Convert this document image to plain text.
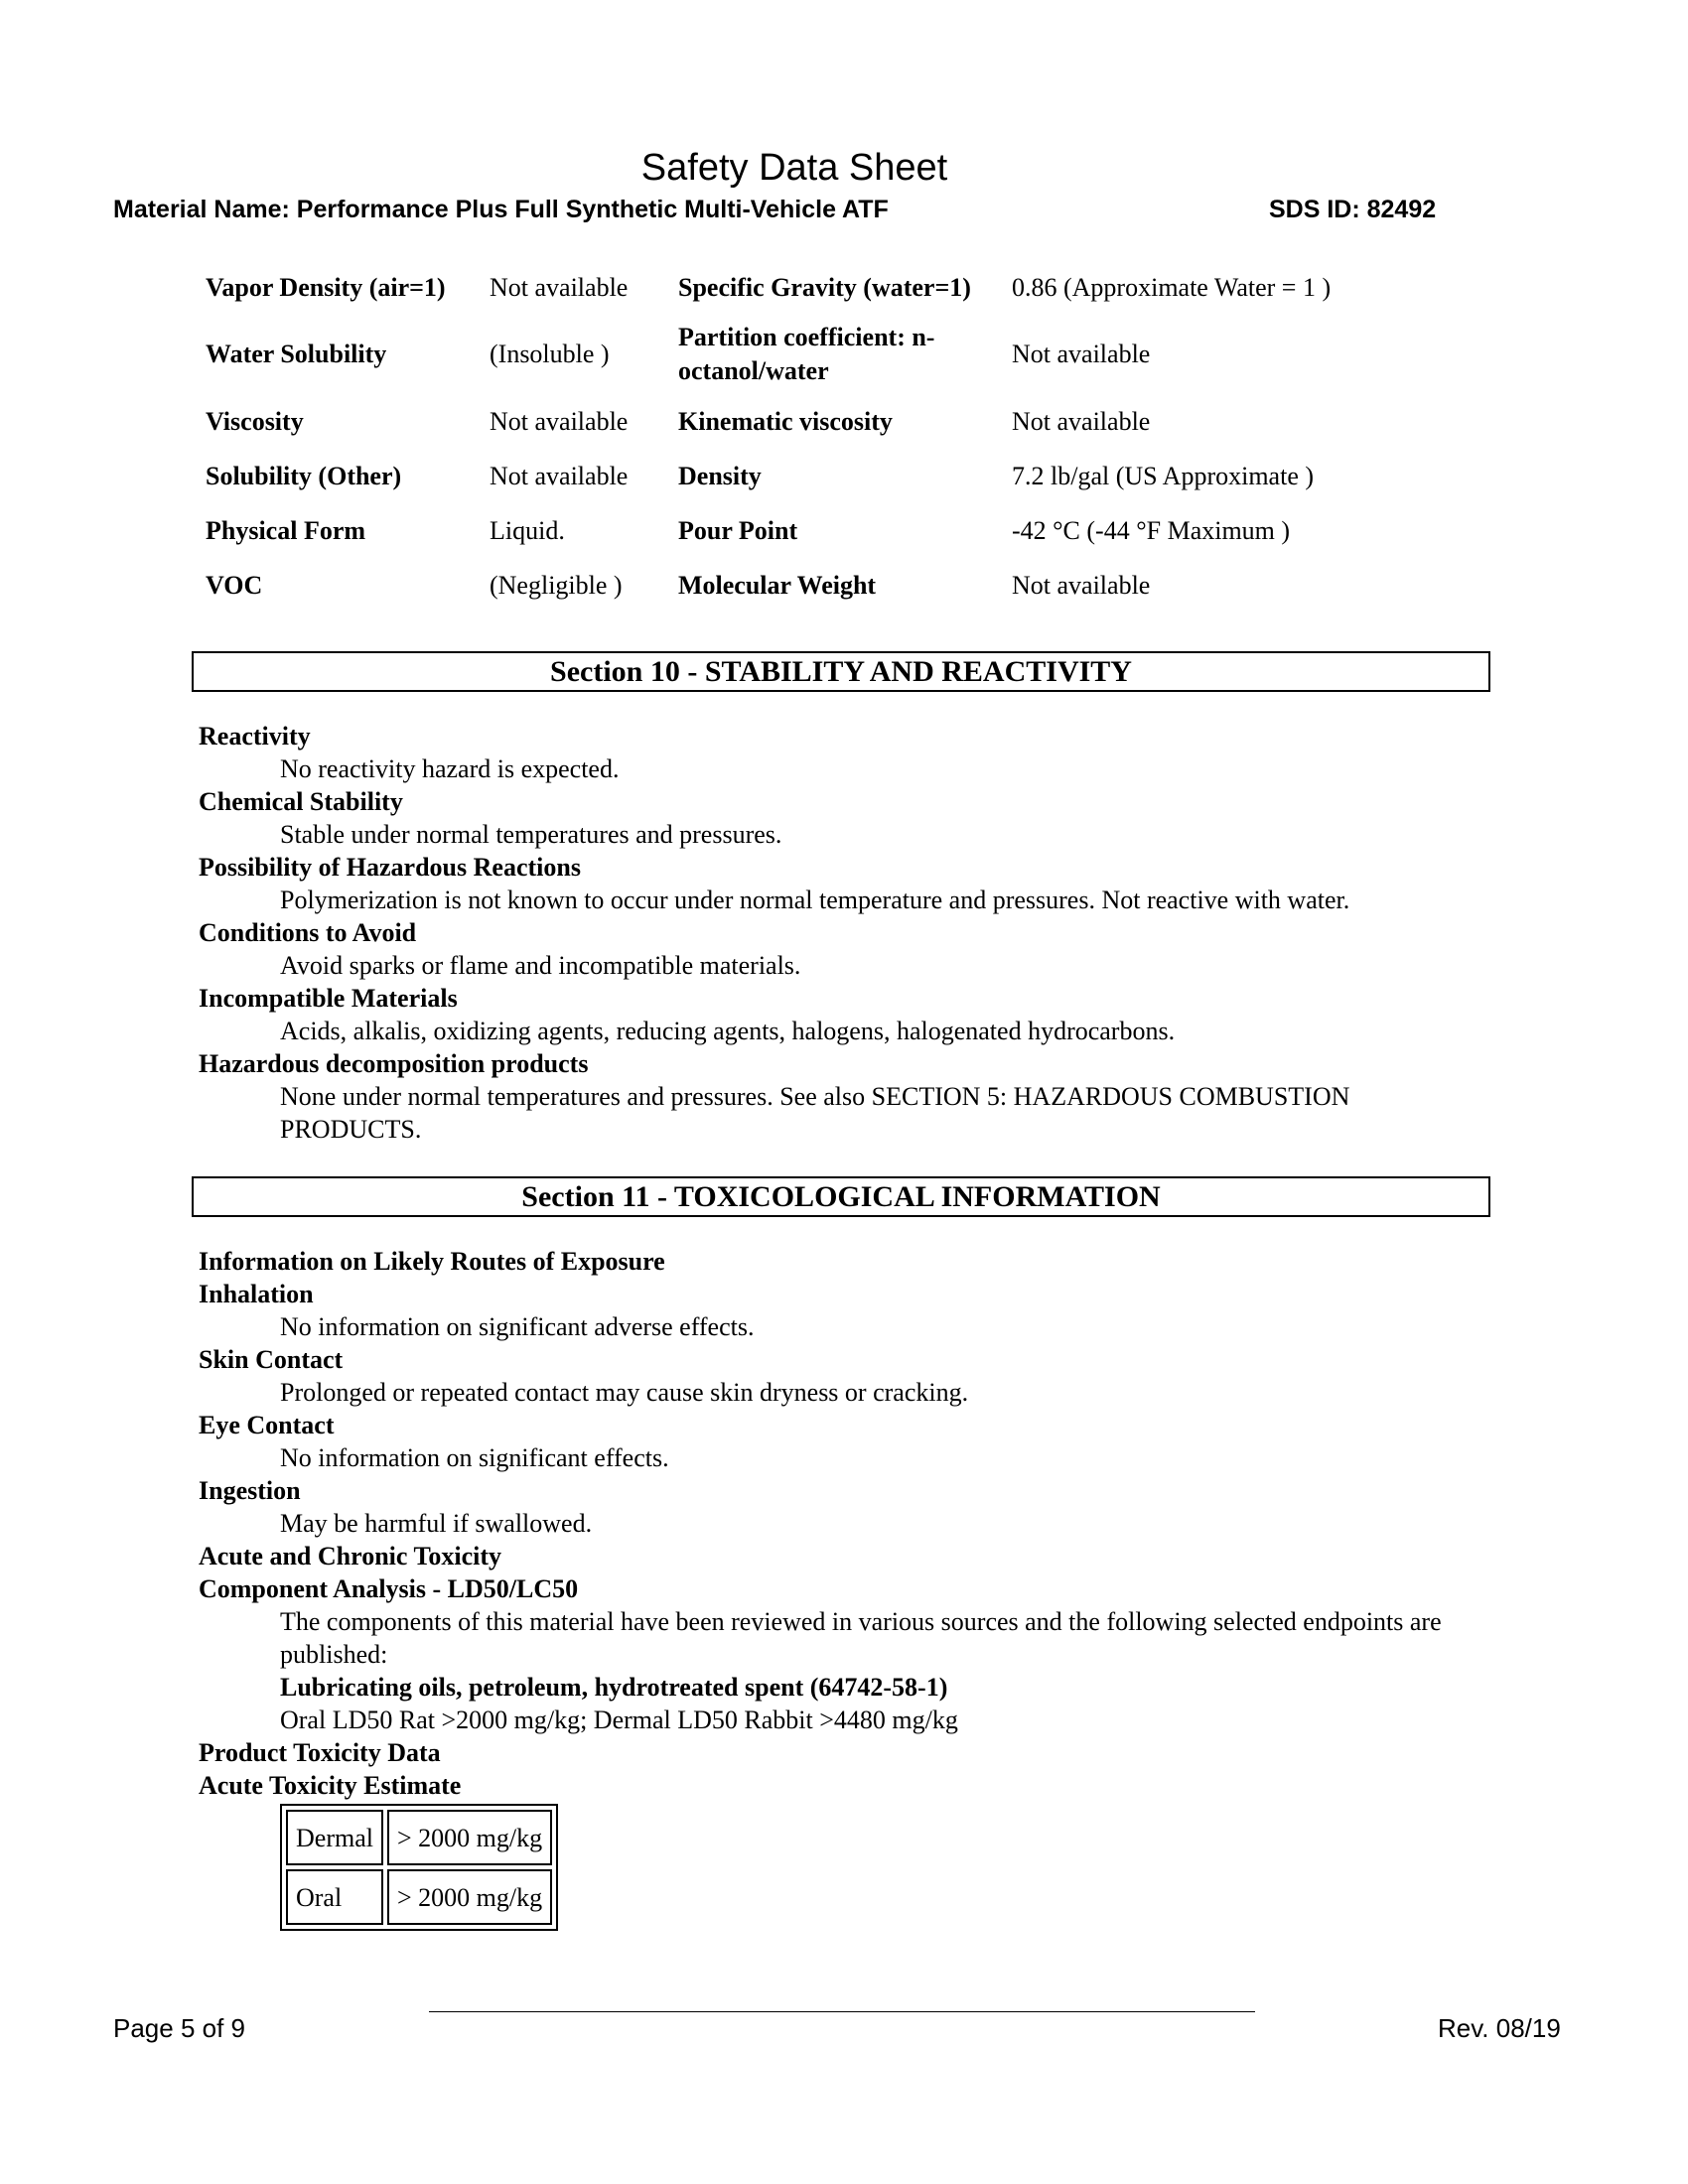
Safety Data Sheet
Material Name: Performance Plus Full Synthetic Multi-Vehicle ATF	SDS ID: 82492
Vapor Density (air=1)	Not available	Specific Gravity (water=1)	0.86 (Approximate Water = 1 )
Water Solubility	(Insoluble )	Partition coefficient: n-octanol/water	Not available
Viscosity	Not available	Kinematic viscosity	Not available
Solubility (Other)	Not available	Density	7.2 lb/gal (US Approximate )
Physical Form	Liquid.	Pour Point	-42 °C (-44 °F Maximum )
VOC	(Negligible )	Molecular Weight	Not available
Section 10 - STABILITY AND REACTIVITY
Reactivity
No reactivity hazard is expected.
Chemical Stability
Stable under normal temperatures and pressures.
Possibility of Hazardous Reactions
Polymerization is not known to occur under normal temperature and pressures. Not reactive with water.
Conditions to Avoid
Avoid sparks or flame and incompatible materials.
Incompatible Materials
Acids, alkalis, oxidizing agents, reducing agents, halogens, halogenated hydrocarbons.
Hazardous decomposition products
None under normal temperatures and pressures. See also SECTION 5: HAZARDOUS COMBUSTION PRODUCTS.
Section 11 - TOXICOLOGICAL INFORMATION
Information on Likely Routes of Exposure
Inhalation
No information on significant adverse effects.
Skin Contact
Prolonged or repeated contact may cause skin dryness or cracking.
Eye Contact
No information on significant effects.
Ingestion
May be harmful if swallowed.
Acute and Chronic Toxicity
Component Analysis - LD50/LC50
The components of this material have been reviewed in various sources and the following selected endpoints are published:
Lubricating oils, petroleum, hydrotreated spent (64742-58-1)
Oral LD50 Rat >2000 mg/kg; Dermal LD50 Rabbit >4480 mg/kg
Product Toxicity Data
Acute Toxicity Estimate
Dermal	> 2000 mg/kg
Oral	> 2000 mg/kg
Page 5 of 9	Rev. 08/19
